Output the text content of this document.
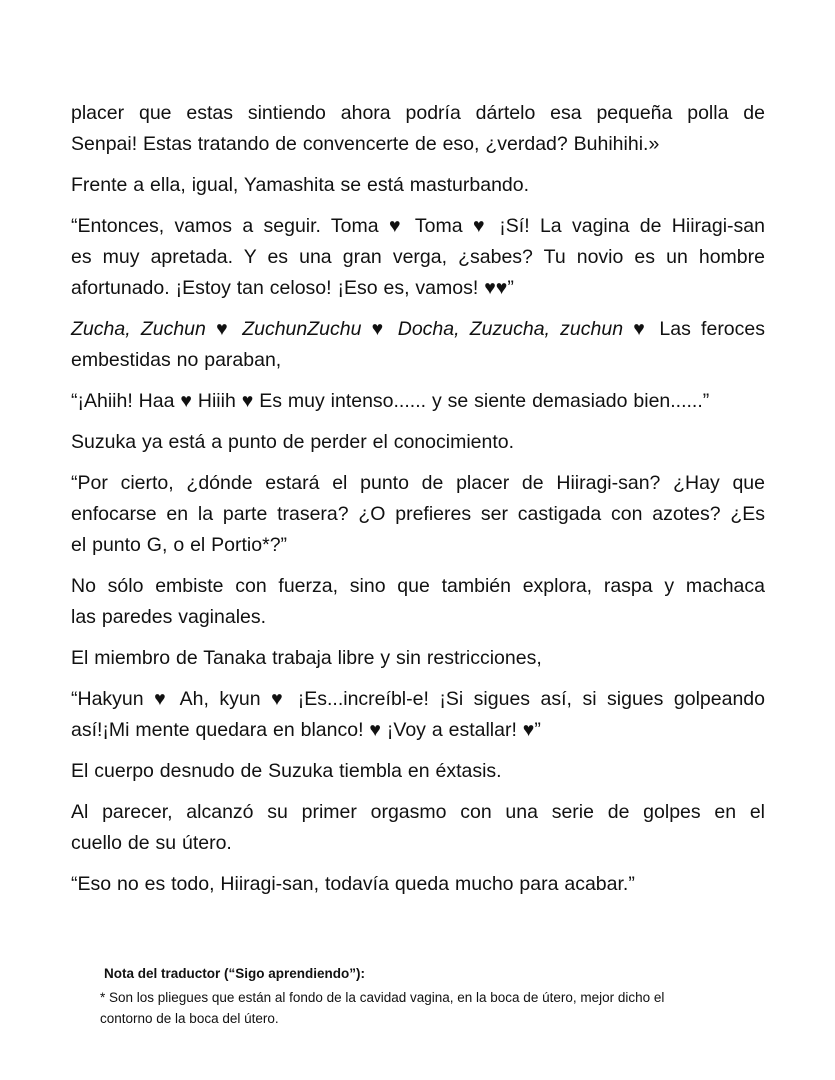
placer que estas sintiendo ahora podría dártelo esa pequeña polla de
Senpai! Estas tratando de convencerte de eso, ¿verdad? Buhihihi.»

Frente a ella, igual, Yamashita se está masturbando.

“Entonces, vamos a seguir. Toma ♥ Toma ♥ ¡Sí! La vagina de Hiiragi-san
es muy apretada. Y es una gran verga, ¿sabes? Tu novio es un hombre
afortunado. ¡Estoy tan celoso! ¡Eso es, vamos! ♥♥”

Zucha, Zuchun ♥ ZuchunZuchu ♥ Docha, Zuzucha, zuchun ♥ Las feroces
embestidas no paraban,

“¡Ahiih! Haa ♥ Hiiih ♥ Es muy intenso...... y se siente demasiado bien......”

Suzuka ya está a punto de perder el conocimiento.

“Por cierto, ¿dónde estará el punto de placer de Hiiragi-san? ¿Hay que
enfocarse en la parte trasera? ¿O prefieres ser castigada con azotes? ¿Es
el punto G, o el Portio*?”

No sólo embiste con fuerza, sino que también explora, raspa y machaca
las paredes vaginales.

El miembro de Tanaka trabaja libre y sin restricciones,

“Hakyun ♥ Ah, kyun ♥ ¡Es...increíbl-e! ¡Si sigues así, si sigues golpeando
así!¡Mi mente quedara en blanco! ♥ ¡Voy a estallar! ♥”

El cuerpo desnudo de Suzuka tiembla en éxtasis.

Al parecer, alcanzó su primer orgasmo con una serie de golpes en el
cuello de su útero.

“Eso no es todo, Hiiragi-san, todavía queda mucho para acabar.”

Nota del traductor (“Sigo aprendiendo”):

* Son los pliegues que están al fondo de la cavidad vagina, en la boca de útero, mejor dicho el
contorno de la boca del útero.
